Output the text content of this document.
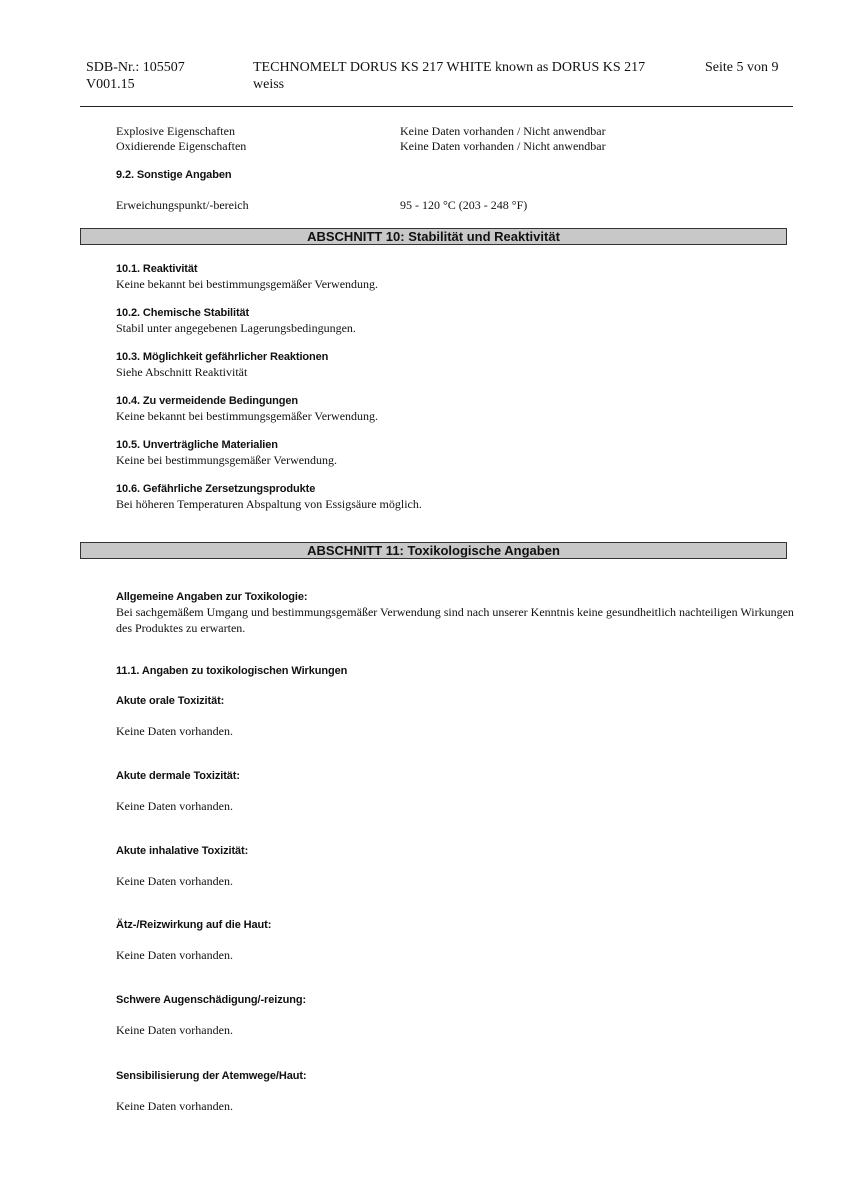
SDB-Nr.: 105507
V001.15
TECHNOMELT DORUS KS 217 WHITE known as DORUS KS 217
weiss
Seite 5 von 9
Explosive Eigenschaften	Keine Daten vorhanden / Nicht anwendbar
Oxidierende Eigenschaften	Keine Daten vorhanden / Nicht anwendbar
9.2. Sonstige Angaben
Erweichungspunkt/-bereich	95 - 120 °C (203 - 248 °F)
ABSCHNITT 10: Stabilität und Reaktivität
10.1. Reaktivität
Keine bekannt bei bestimmungsgemäßer Verwendung.
10.2. Chemische Stabilität
Stabil unter angegebenen Lagerungsbedingungen.
10.3. Möglichkeit gefährlicher Reaktionen
Siehe Abschnitt Reaktivität
10.4. Zu vermeidende Bedingungen
Keine bekannt bei bestimmungsgemäßer Verwendung.
10.5. Unverträgliche Materialien
Keine bei bestimmungsgemäßer Verwendung.
10.6. Gefährliche Zersetzungsprodukte
Bei höheren Temperaturen Abspaltung von Essigsäure möglich.
ABSCHNITT 11: Toxikologische Angaben
Allgemeine Angaben zur Toxikologie:
Bei sachgemäßem Umgang und bestimmungsgemäßer Verwendung sind nach unserer Kenntnis keine gesundheitlich nachteiligen Wirkungen des Produktes zu erwarten.
11.1. Angaben zu toxikologischen Wirkungen
Akute orale Toxizität:
Keine Daten vorhanden.
Akute dermale Toxizität:
Keine Daten vorhanden.
Akute inhalative Toxizität:
Keine Daten vorhanden.
Ätz-/Reizwirkung auf die Haut:
Keine Daten vorhanden.
Schwere Augenschädigung/-reizung:
Keine Daten vorhanden.
Sensibilisierung der Atemwege/Haut:
Keine Daten vorhanden.
